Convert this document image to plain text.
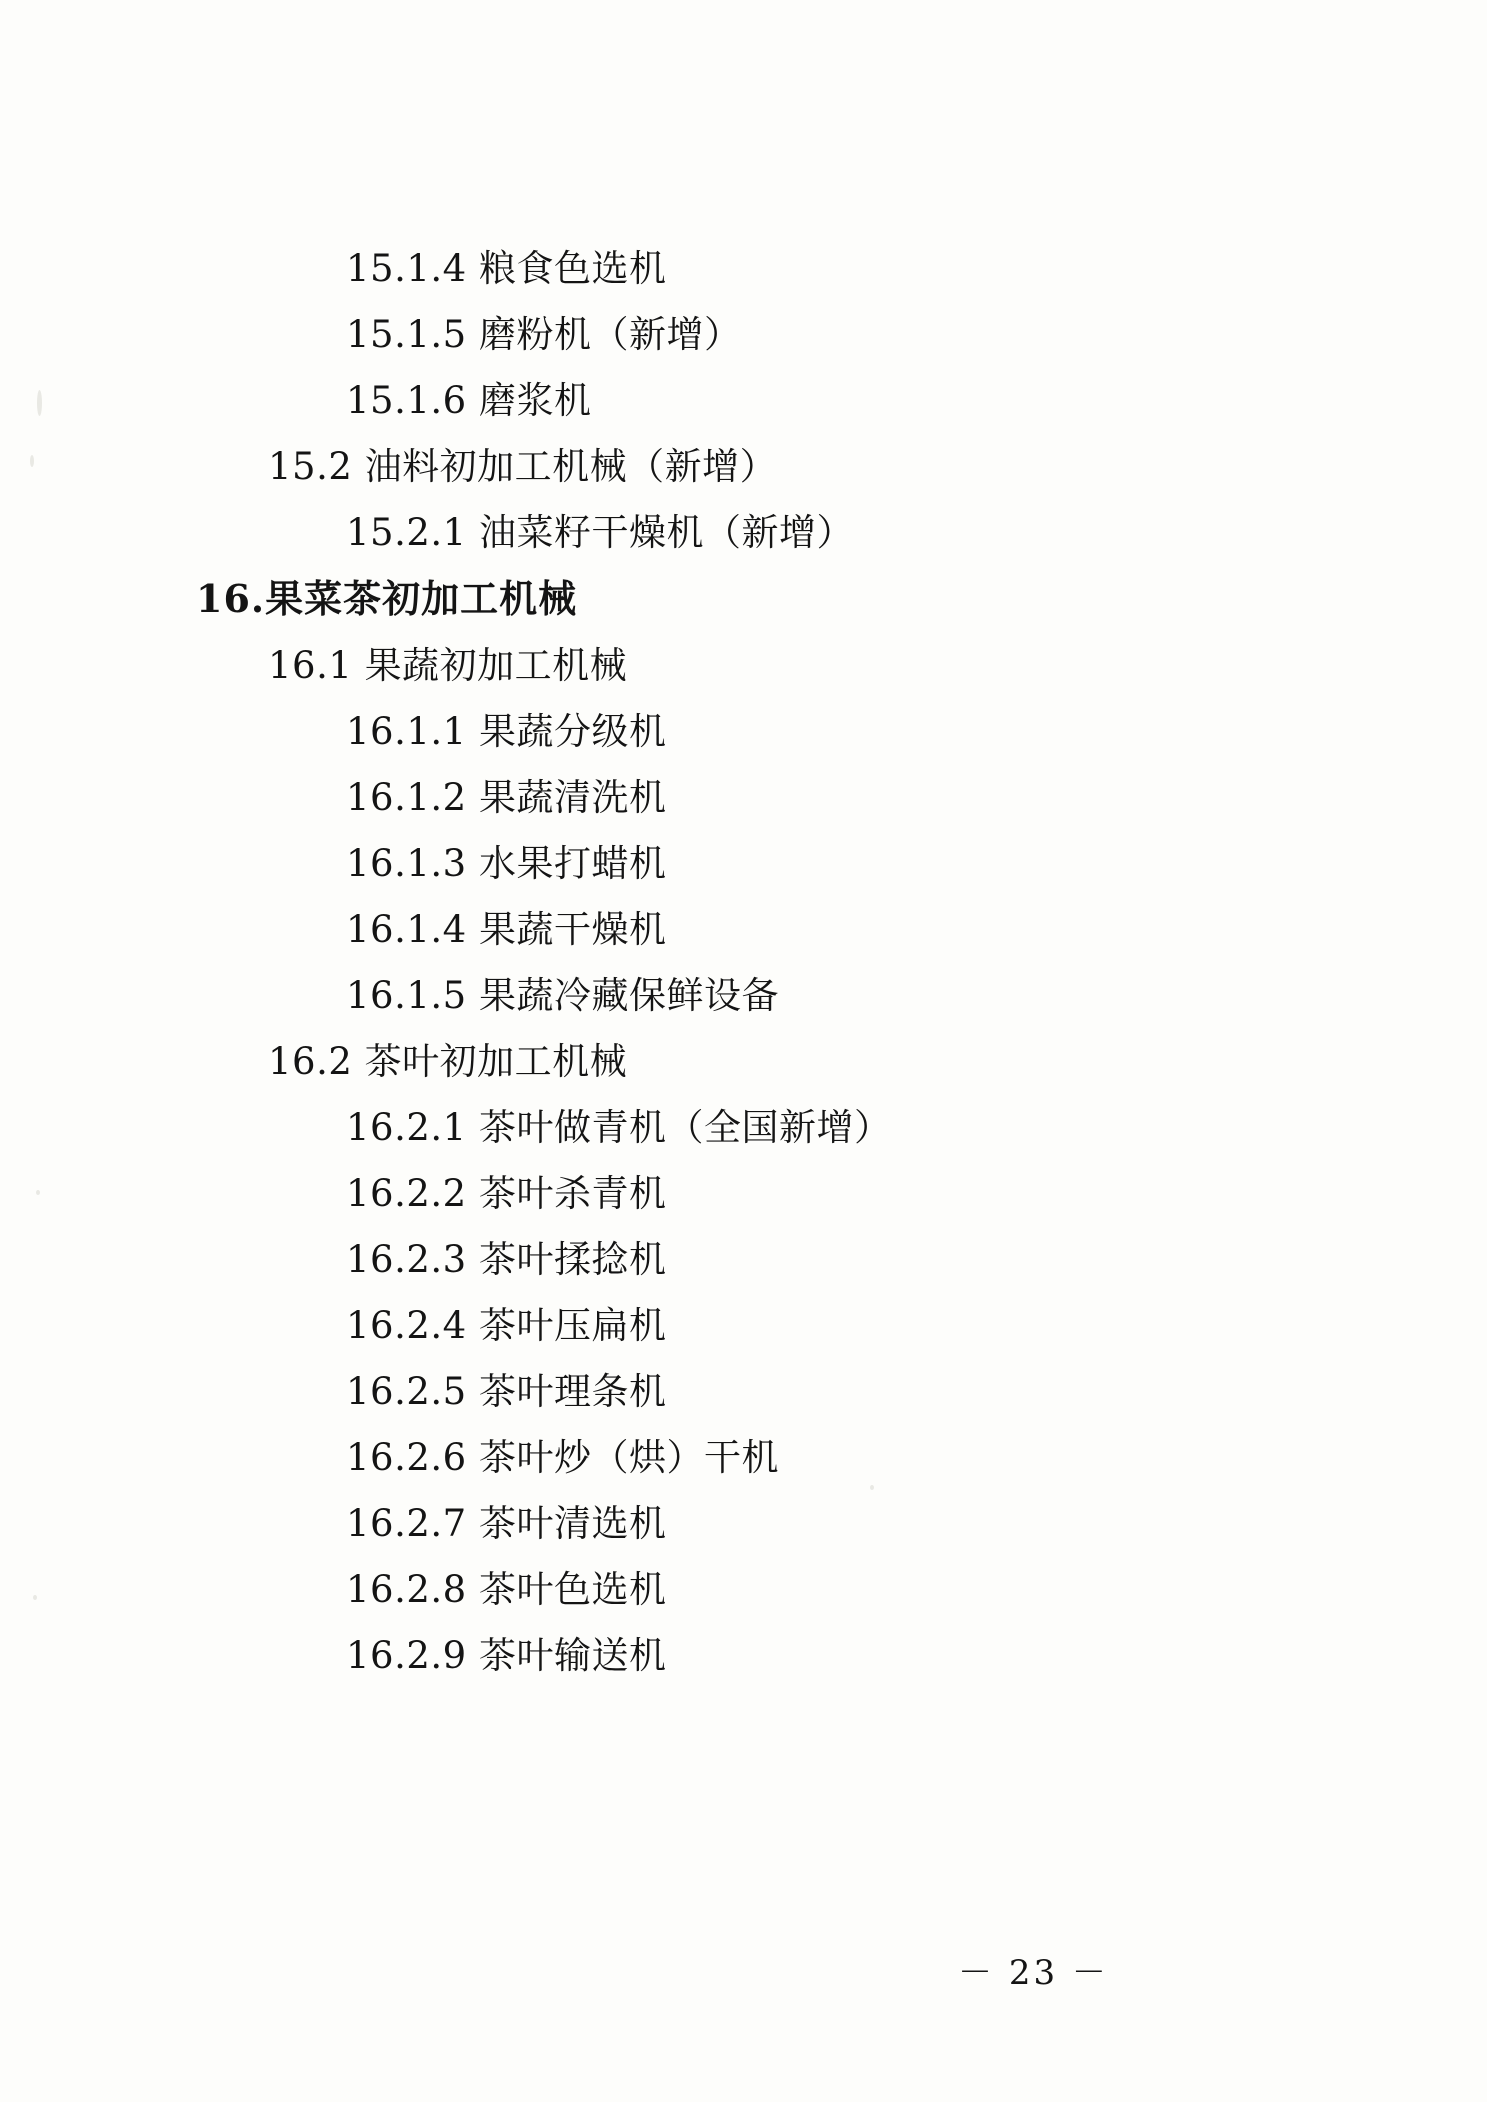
15.1.4 粮食色选机
15.1.5 磨粉机（新增）
15.1.6 磨浆机
15.2 油料初加工机械（新增）
15.2.1 油菜籽干燥机（新增）
16.果菜茶初加工机械
16.1 果蔬初加工机械
16.1.1 果蔬分级机
16.1.2 果蔬清洗机
16.1.3 水果打蜡机
16.1.4 果蔬干燥机
16.1.5 果蔬冷藏保鲜设备
16.2 茶叶初加工机械
16.2.1 茶叶做青机（全国新增）
16.2.2 茶叶杀青机
16.2.3 茶叶揉捻机
16.2.4 茶叶压扁机
16.2.5 茶叶理条机
16.2.6 茶叶炒（烘）干机
16.2.7 茶叶清选机
16.2.8 茶叶色选机
16.2.9 茶叶输送机
－ 23 －
